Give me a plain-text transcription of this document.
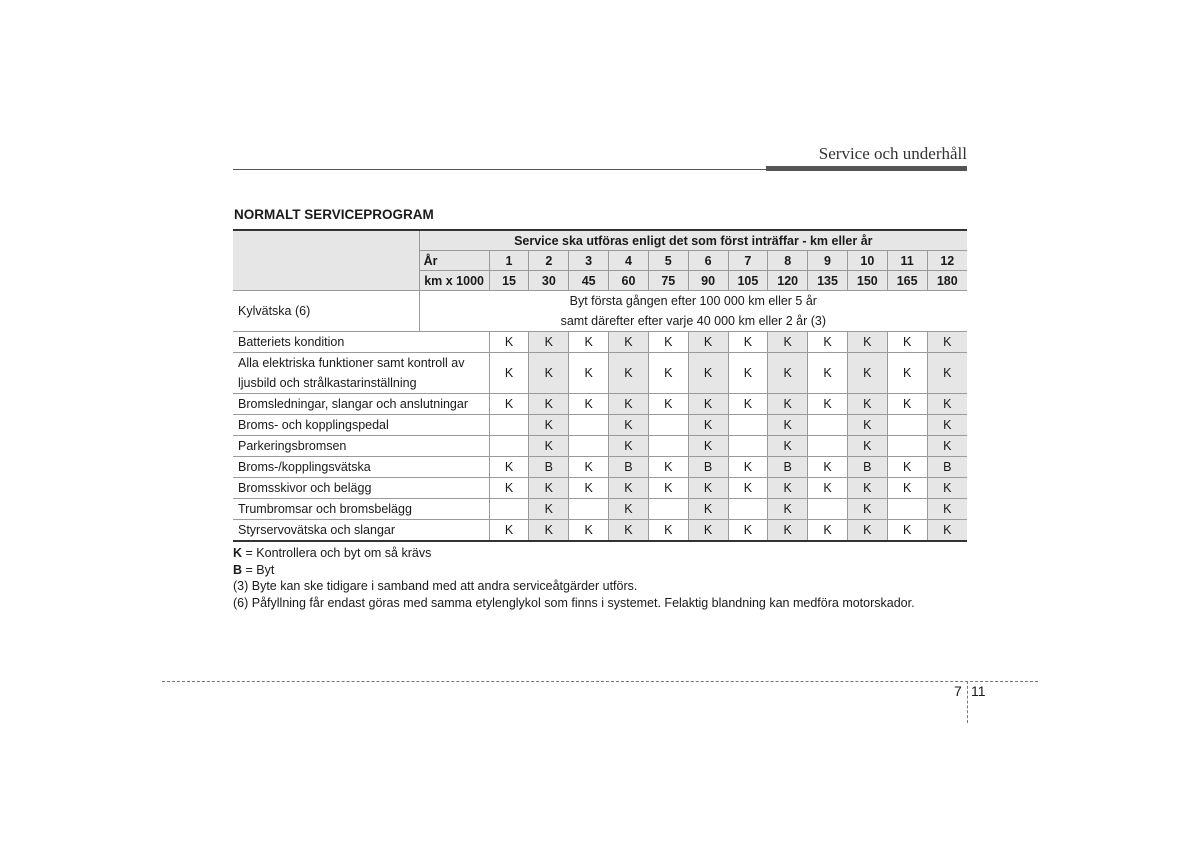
Service och underhåll
NORMALT SERVICEPROGRAM
	Service ska utföras enligt det som först inträffar - km eller år												
	År	1	2	3	4	5	6	7	8	9	10	11	12
	km x 1000	15	30	45	60	75	90	105	120	135	150	165	180
Kylvätska (6)	Byt första gången efter 100 000 km eller 5 år
samt därefter efter varje 40 000 km eller 2 år (3)												

Batteriets kondition		K	K	K	K	K	K	K	K	K	K	K	K

Alla elektriska funktioner samt kontroll av
ljusbild och strålkastarinställning		K	K	K	K	K	K	K	K	K	K	K	K

Bromsledningar, slangar och anslutningar		K	K	K	K	K	K	K	K	K	K	K	K

Broms- och kopplingspedal			K		K		K		K		K		K

Parkeringsbromsen			K		K		K		K		K		K

Broms-/kopplingsvätska		K	B	K	B	K	B	K	B	K	B	K	B

Bromsskivor och belägg		K	K	K	K	K	K	K	K	K	K	K	K

Trumbromsar och bromsbelägg			K		K		K		K		K		K

Styrservovätska och slangar		K	K	K	K	K	K	K	K	K	K	K	K
K = Kontrollera och byt om så krävs
B = Byt
(3) Byte kan ske tidigare i samband med att andra serviceåtgärder utförs.
(6) Påfyllning får endast göras med samma etylenglykol som finns i systemet. Felaktig blandning kan medföra motorskador.
7 11
